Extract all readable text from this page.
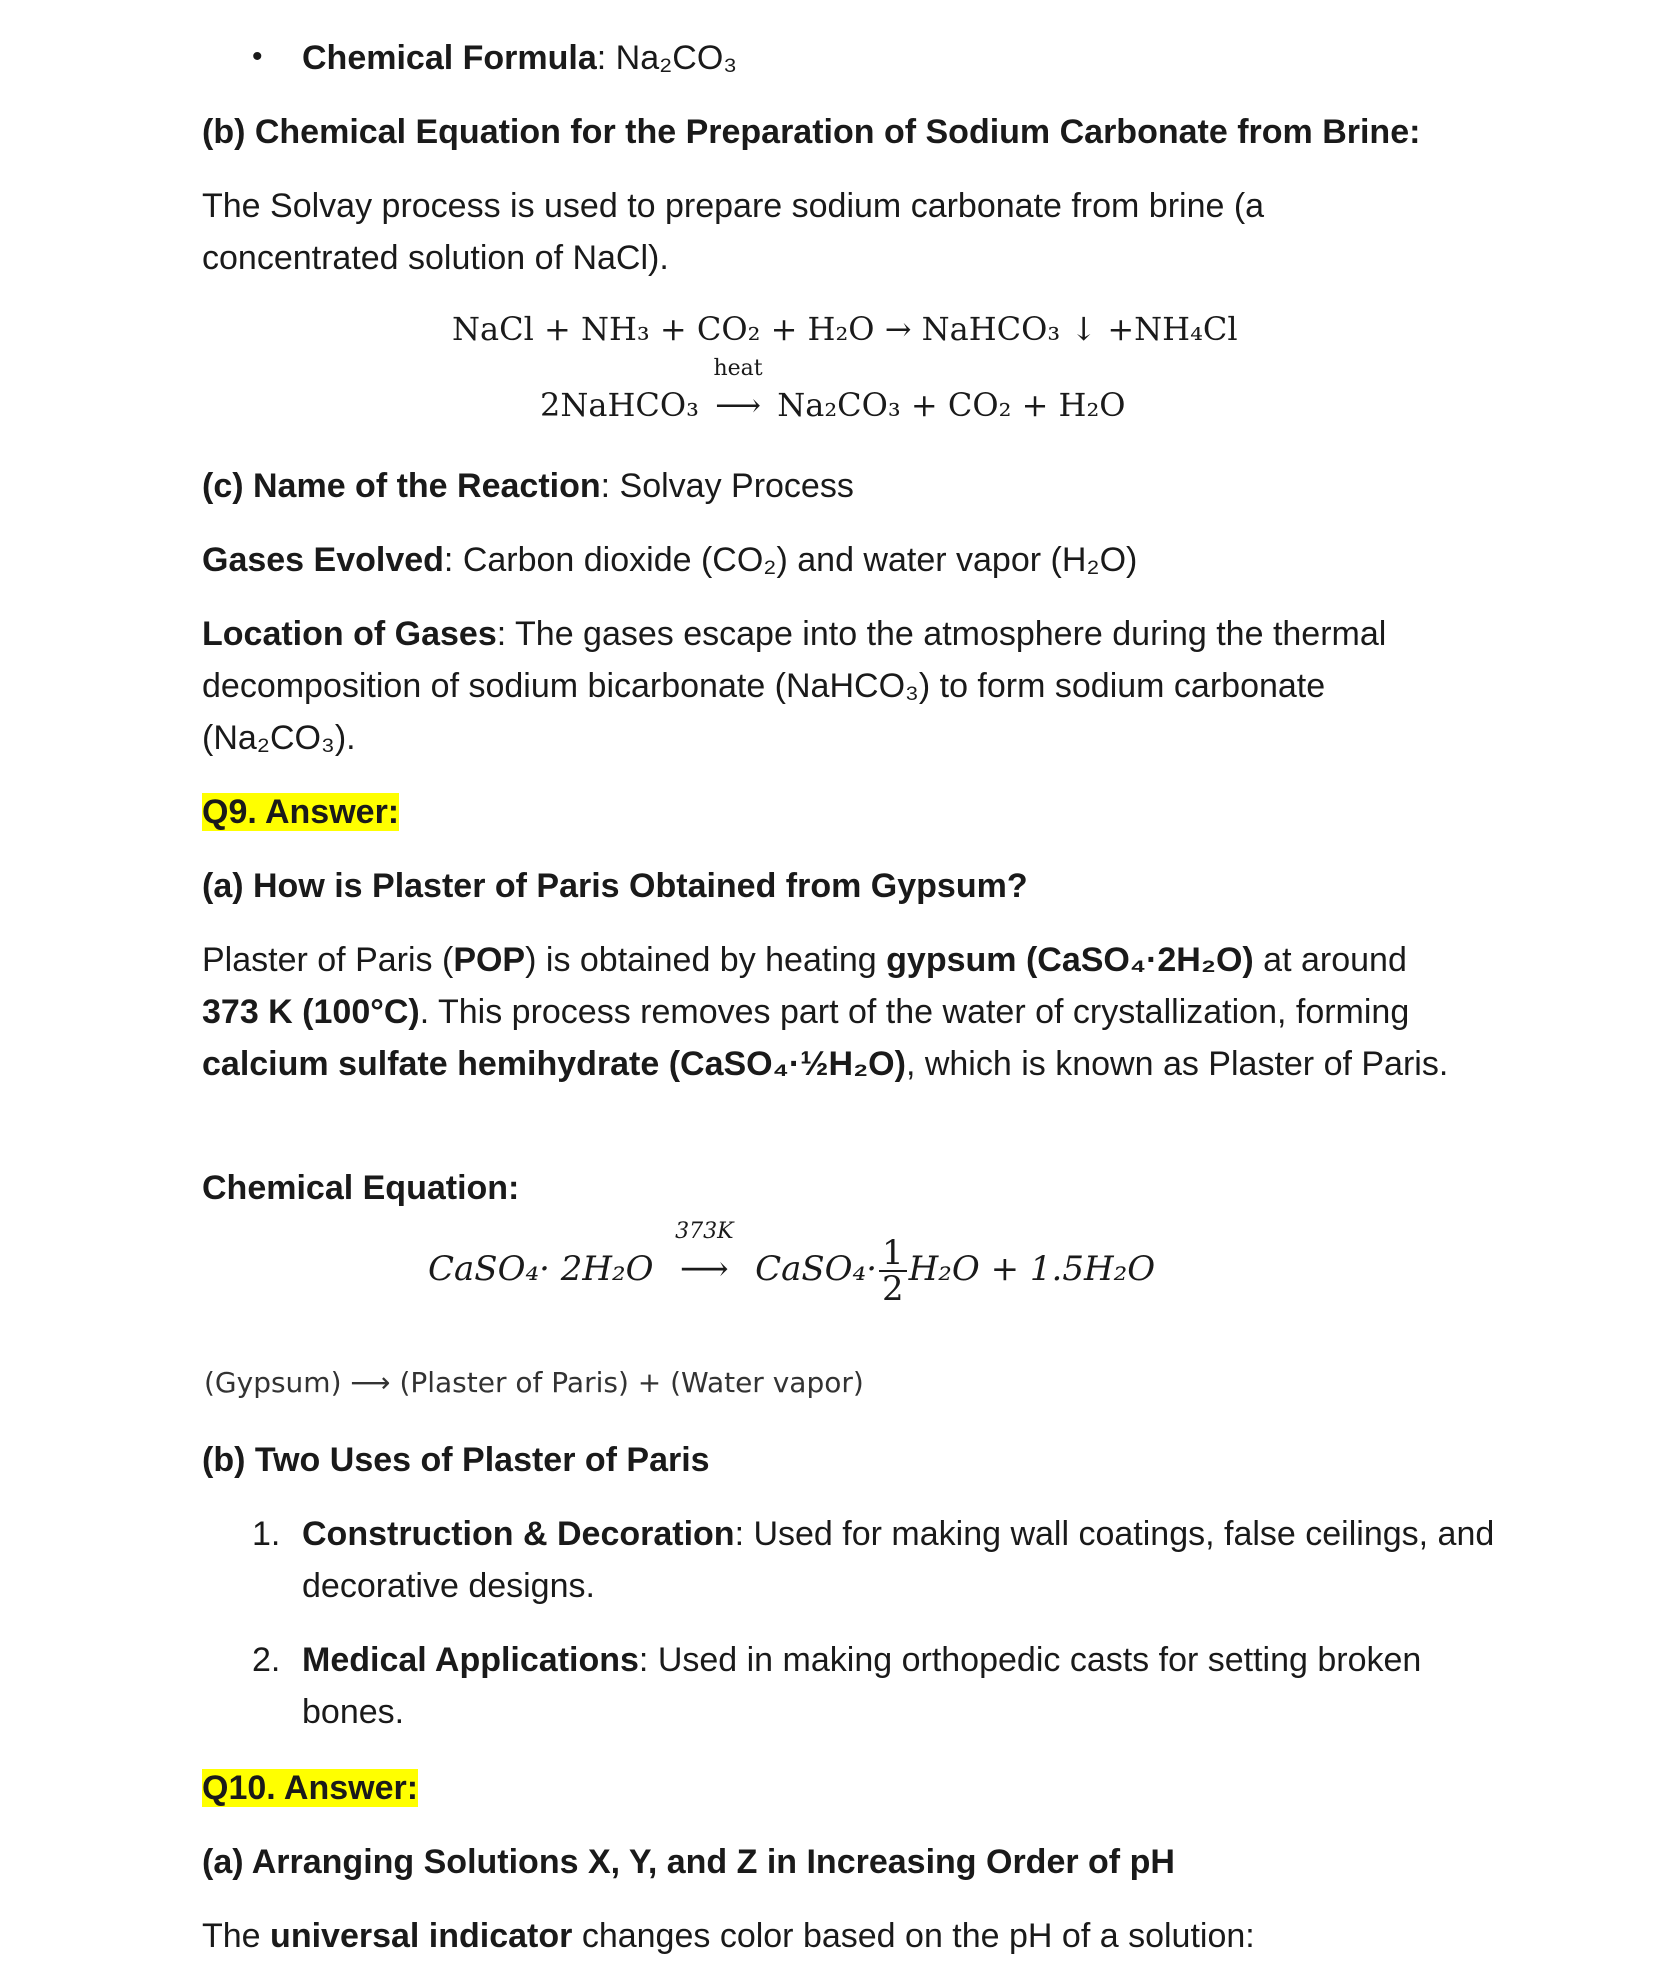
• Chemical Formula: Na₂CO₃

(b) Chemical Equation for the Preparation of Sodium Carbonate from Brine:

The Solvay process is used to prepare sodium carbonate from brine (a concentrated solution of NaCl).

NaCl + NH₃ + CO₂ + H₂O → NaHCO₃ ↓ +NH₄Cl
2NaHCO₃
heat
⟶ Na₂CO₃ + CO₂ + H₂O

(c) Name of the Reaction: Solvay Process

Gases Evolved: Carbon dioxide (CO₂) and water vapor (H₂O)

Location of Gases: The gases escape into the atmosphere during the thermal decomposition of sodium bicarbonate (NaHCO₃) to form sodium carbonate (Na₂CO₃).

Q9. Answer:

(a) How is Plaster of Paris Obtained from Gypsum?

Plaster of Paris (POP) is obtained by heating gypsum (CaSO₄·2H₂O) at around 373 K (100°C). This process removes part of the water of crystallization, forming calcium sulfate hemihydrate (CaSO₄·½H₂O), which is known as Plaster of Paris.

Chemical Equation:

CaSO₄· 2H₂O
373K
⟶ CaSO₄· $\frac{1}{2} H_2O + 1.5H_2O$
(Gypsum) ⟶ (Plaster of Paris) + (Water vapor)

(b) Two Uses of Plaster of Paris

1. Construction & Decoration: Used for making wall coatings, false ceilings, and decorative designs.
2. Medical Applications: Used in making orthopedic casts for setting broken bones.

Q10. Answer:

(a) Arranging Solutions X, Y, and Z in Increasing Order of pH

The universal indicator changes color based on the pH of a solution:
